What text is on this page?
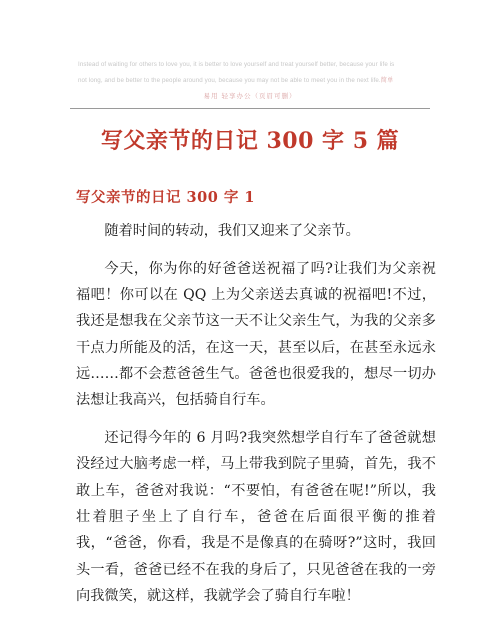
Instead of waiting for others to love you, it is better to love yourself and treat yourself better, because your life is
not long, and be better to the people around you, because you may not be able to meet you in the next life. 简单
易用 轻享办公（页眉可删）
写父亲节的日记 300 字 5 篇
写父亲节的日记 300 字 1

随着时间的转动，我们又迎来了父亲节。

今天，你为你的好爸爸送祝福了吗?让我们为父亲祝福吧！你可以在 QQ 上为父亲送去真诚的祝福吧!不过，我还是想我在父亲节这一天不让父亲生气，为我的父亲多干点力所能及的活，在这一天，甚至以后，在甚至永远永远……都不会惹爸爸生气。爸爸也很爱我的，想尽一切办法想让我高兴，包括骑自行车。

还记得今年的 6 月吗?我突然想学自行车了爸爸就想没经过大脑考虑一样，马上带我到院子里骑，首先，我不敢上车，爸爸对我说：“不要怕，有爸爸在呢!”所以，我壮着胆子坐上了自行车，爸爸在后面很平衡的推着我，“爸爸，你看，我是不是像真的在骑呀?”这时，我回头一看，爸爸已经不在我的身后了，只见爸爸在我的一旁向我微笑，就这样，我就学会了骑自行车啦！
